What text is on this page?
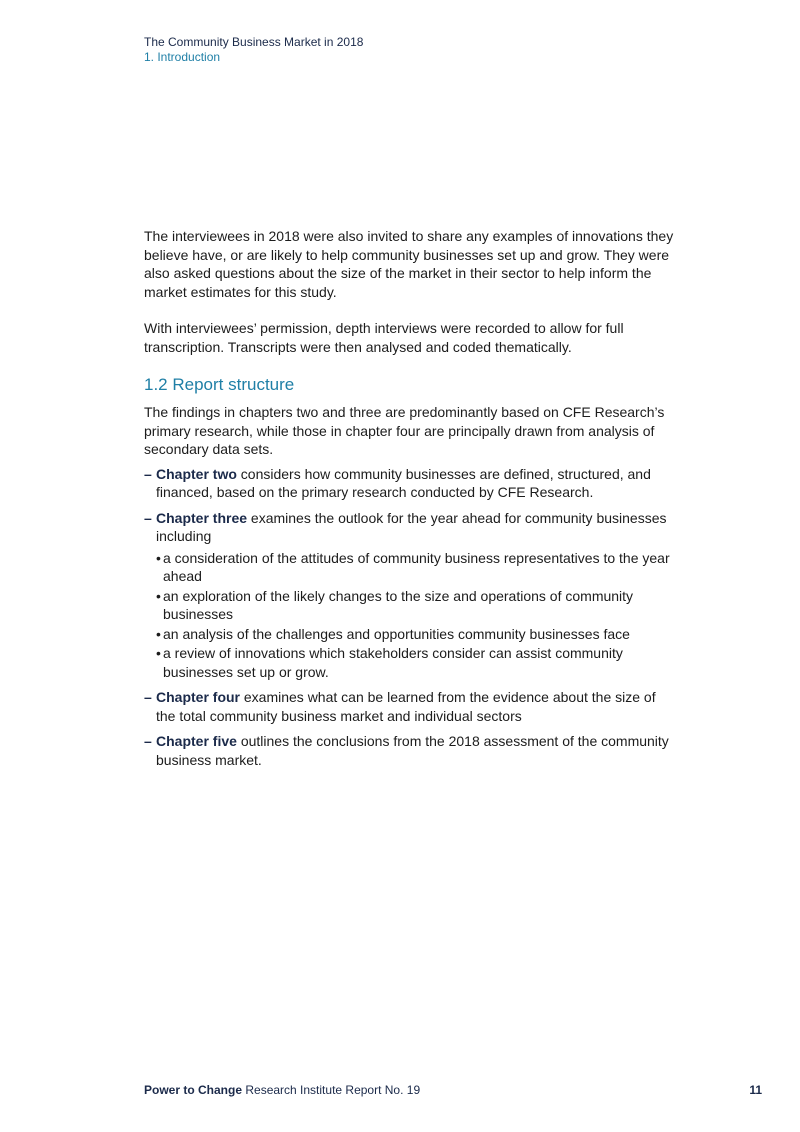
The Community Business Market in 2018
1. Introduction

The interviewees in 2018 were also invited to share any examples of innovations they believe have, or are likely to help community businesses set up and grow. They were also asked questions about the size of the market in their sector to help inform the market estimates for this study.

With interviewees’ permission, depth interviews were recorded to allow for full transcription. Transcripts were then analysed and coded thematically.

1.2 Report structure

The findings in chapters two and three are predominantly based on CFE Research’s primary research, while those in chapter four are principally drawn from analysis of secondary data sets.

– Chapter two considers how community businesses are defined, structured, and financed, based on the primary research conducted by CFE Research.
– Chapter three examines the outlook for the year ahead for community businesses including
• a consideration of the attitudes of community business representatives to the year ahead
• an exploration of the likely changes to the size and operations of community businesses
• an analysis of the challenges and opportunities community businesses face
• a review of innovations which stakeholders consider can assist community businesses set up or grow.
– Chapter four examines what can be learned from the evidence about the size of the total community business market and individual sectors
– Chapter five outlines the conclusions from the 2018 assessment of the community business market.
Power to Change Research Institute Report No. 19	11
